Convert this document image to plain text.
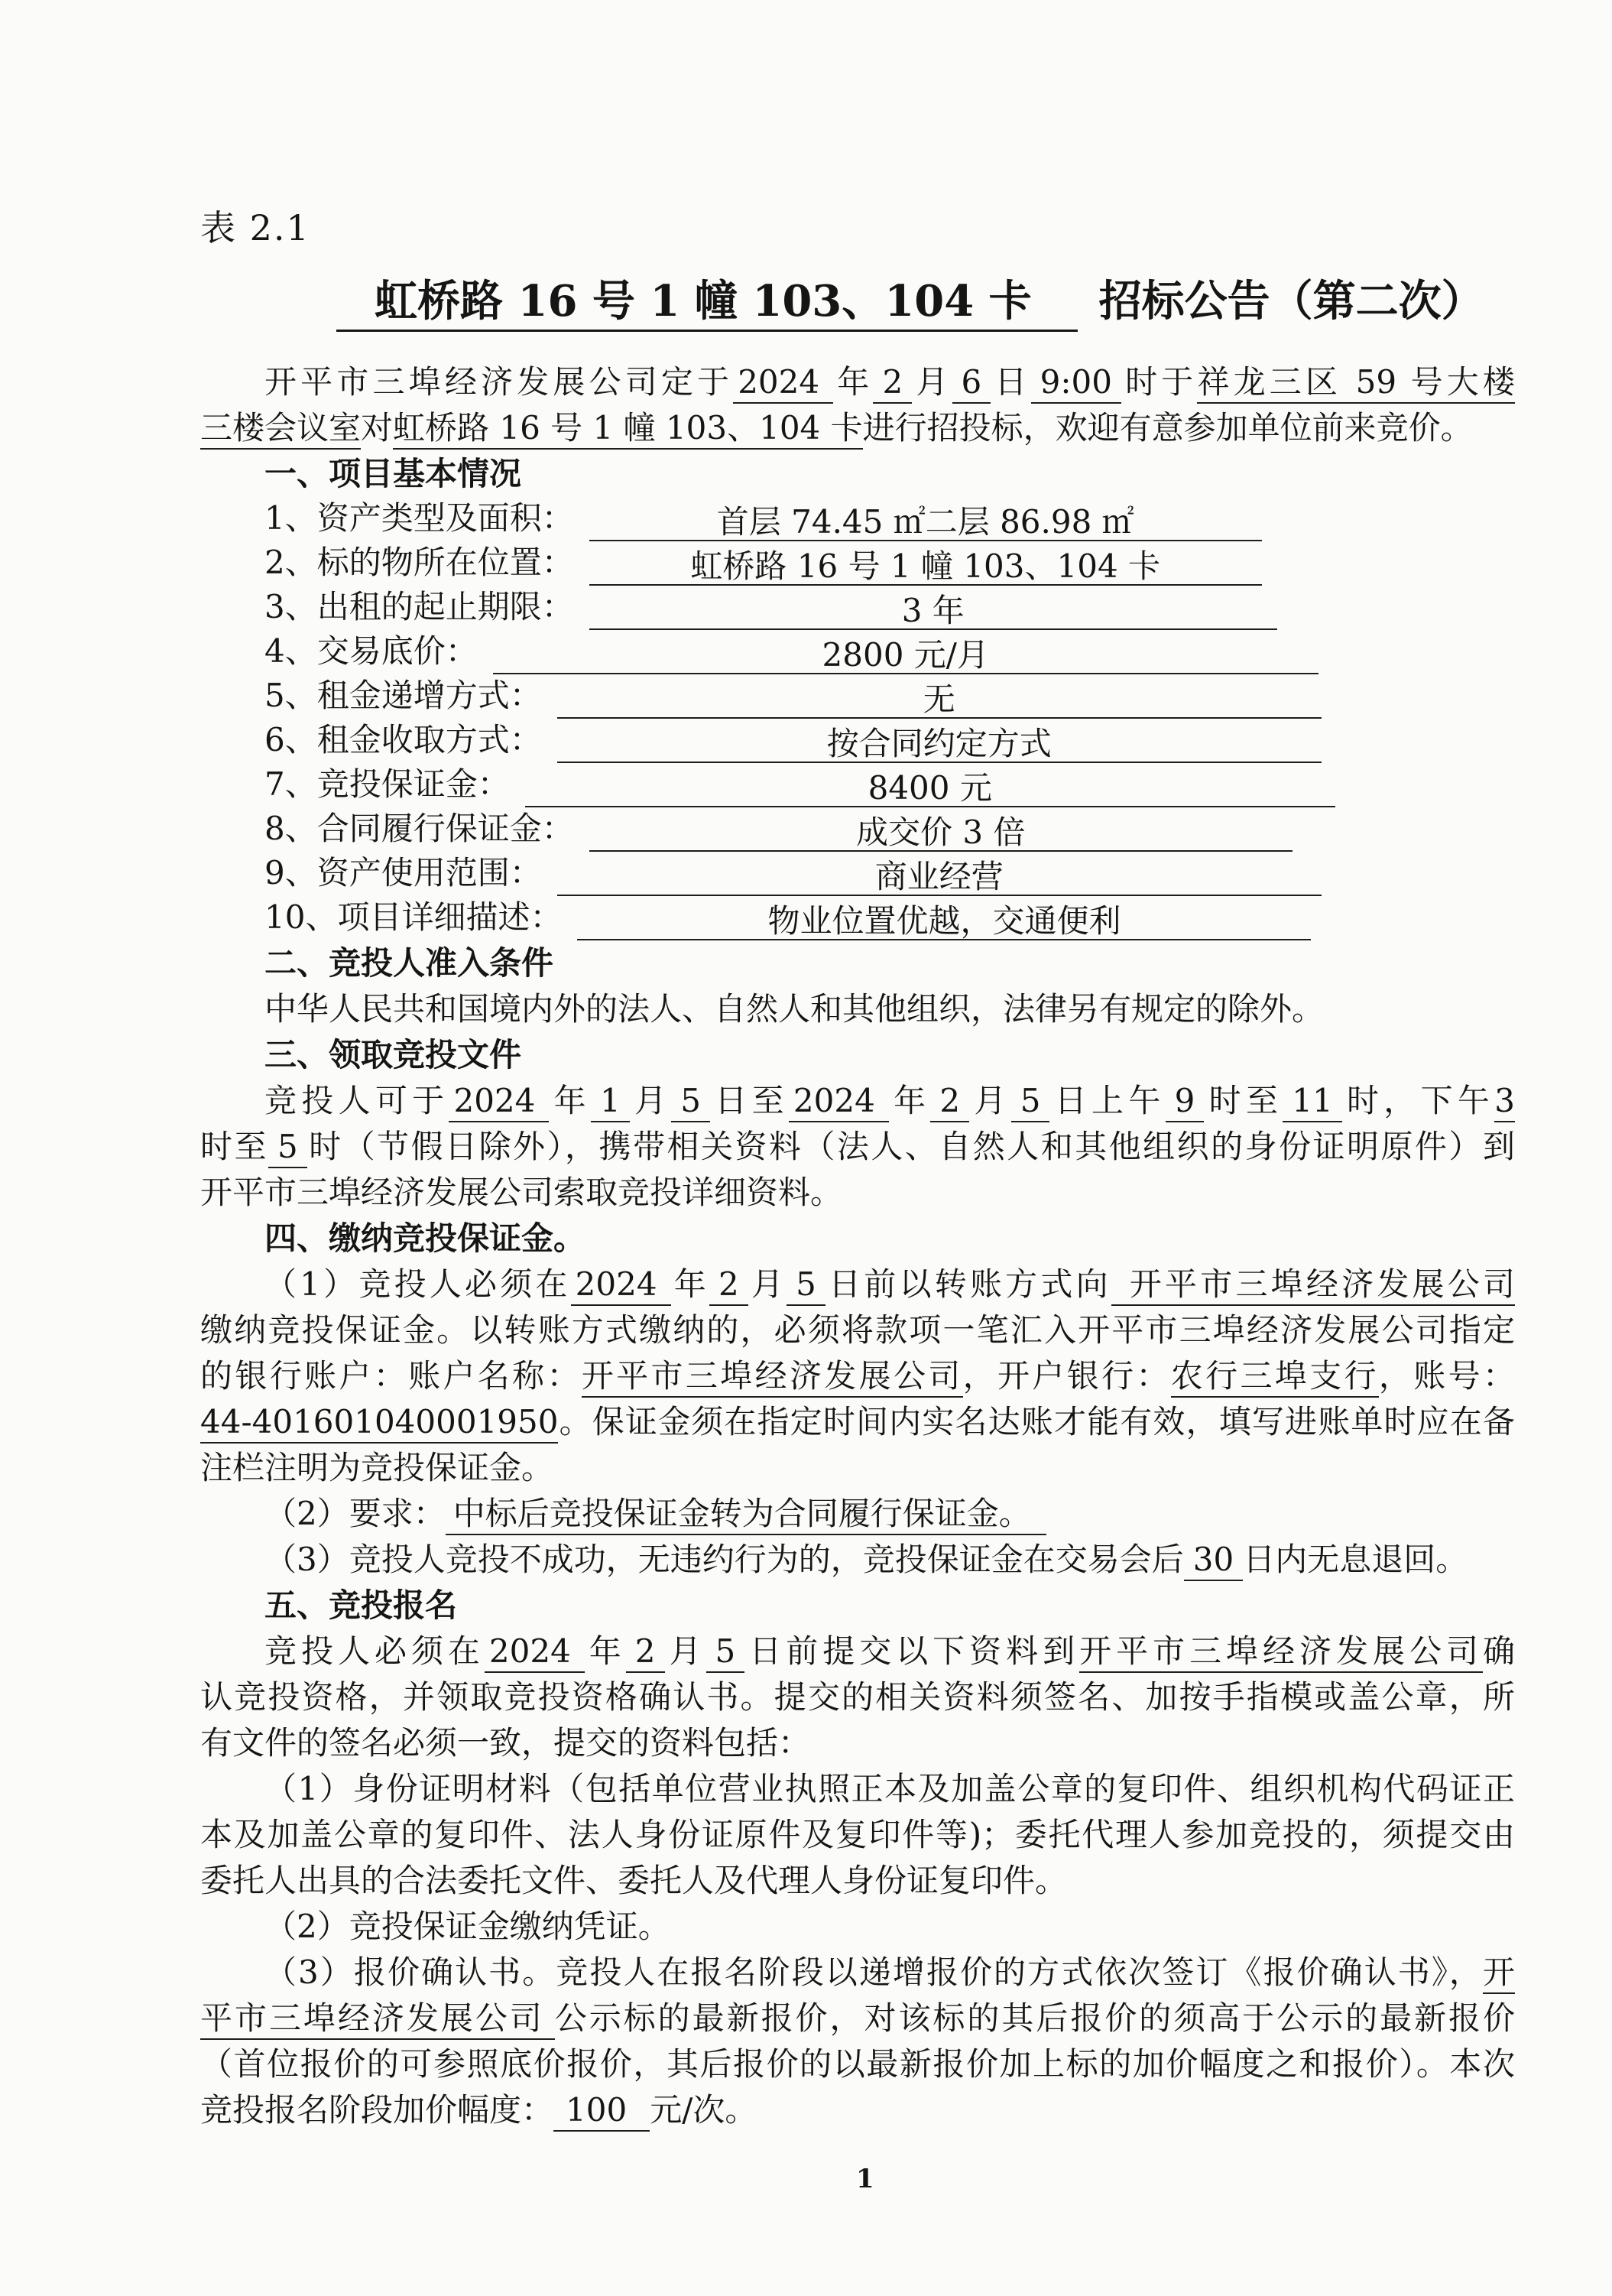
表 2.1
虹桥路 16 号 1 幢 103、104 卡 招标公告（第二次）

开平市三埠经济发展公司定于 2024 年 2 月 6 日 9:00 时于祥龙三区 59 号大楼

三楼会议室对虹桥路 16 号 1 幢 103、104 卡进行招投标，欢迎有意参加单位前来竞价。

一、项目基本情况

1、资产类型及面积：	首层 74.45 ㎡二层 86.98 ㎡
2、标的物所在位置：	虹桥路 16 号 1 幢 103、104 卡
3、出租的起止期限：	3 年
4、交易底价：	2800 元/月
5、租金递增方式：	无
6、租金收取方式：	按合同约定方式
7、竞投保证金：	8400 元
8、合同履行保证金：	成交价 3 倍
9、资产使用范围：	商业经营
10、项目详细描述：	物业位置优越，交通便利

二、竞投人准入条件

中华人民共和国境内外的法人、自然人和其他组织，法律另有规定的除外。

三、领取竞投文件

竞投人可于 2024 年 1 月 5 日至 2024 年 2 月 5 日上午 9 时至 11 时，下午3

时至 5 时（节假日除外），携带相关资料（法人、自然人和其他组织的身份证明原件）到

开平市三埠经济发展公司索取竞投详细资料。

四、缴纳竞投保证金。

（1）竞投人必须在 2024 年 2 月 5 日前以转账方式向 开平市三埠经济发展公司

缴纳竞投保证金。以转账方式缴纳的，必须将款项一笔汇入开平市三埠经济发展公司指定

的银行账户：账户名称：开平市三埠经济发展公司，开户银行：农行三埠支行，账号：

44-401601040001950。保证金须在指定时间内实名达账才能有效，填写进账单时应在备

注栏注明为竞投保证金。

（2）要求： 中标后竞投保证金转为合同履行保证金。

（3）竞投人竞投不成功，无违约行为的，竞投保证金在交易会后 30 日内无息退回。

五、竞投报名

竞投人必须在 2024 年 2 月 5 日前提交以下资料到开平市三埠经济发展公司确

认竞投资格，并领取竞投资格确认书。提交的相关资料须签名、加按手指模或盖公章，所

有文件的签名必须一致，提交的资料包括：

（1）身份证明材料（包括单位营业执照正本及加盖公章的复印件、组织机构代码证正

本及加盖公章的复印件、法人身份证原件及复印件等)；委托代理人参加竞投的，须提交由

委托人出具的合法委托文件、委托人及代理人身份证复印件。

（2）竞投保证金缴纳凭证。

（3）报价确认书。竞投人在报名阶段以递增报价的方式依次签订《报价确认书》，开

平市三埠经济发展公司 公示标的最新报价，对该标的其后报价的须高于公示的最新报价

（首位报价的可参照底价报价，其后报价的以最新报价加上标的加价幅度之和报价）。本次

竞投报名阶段加价幅度： 100 元/次。

1
